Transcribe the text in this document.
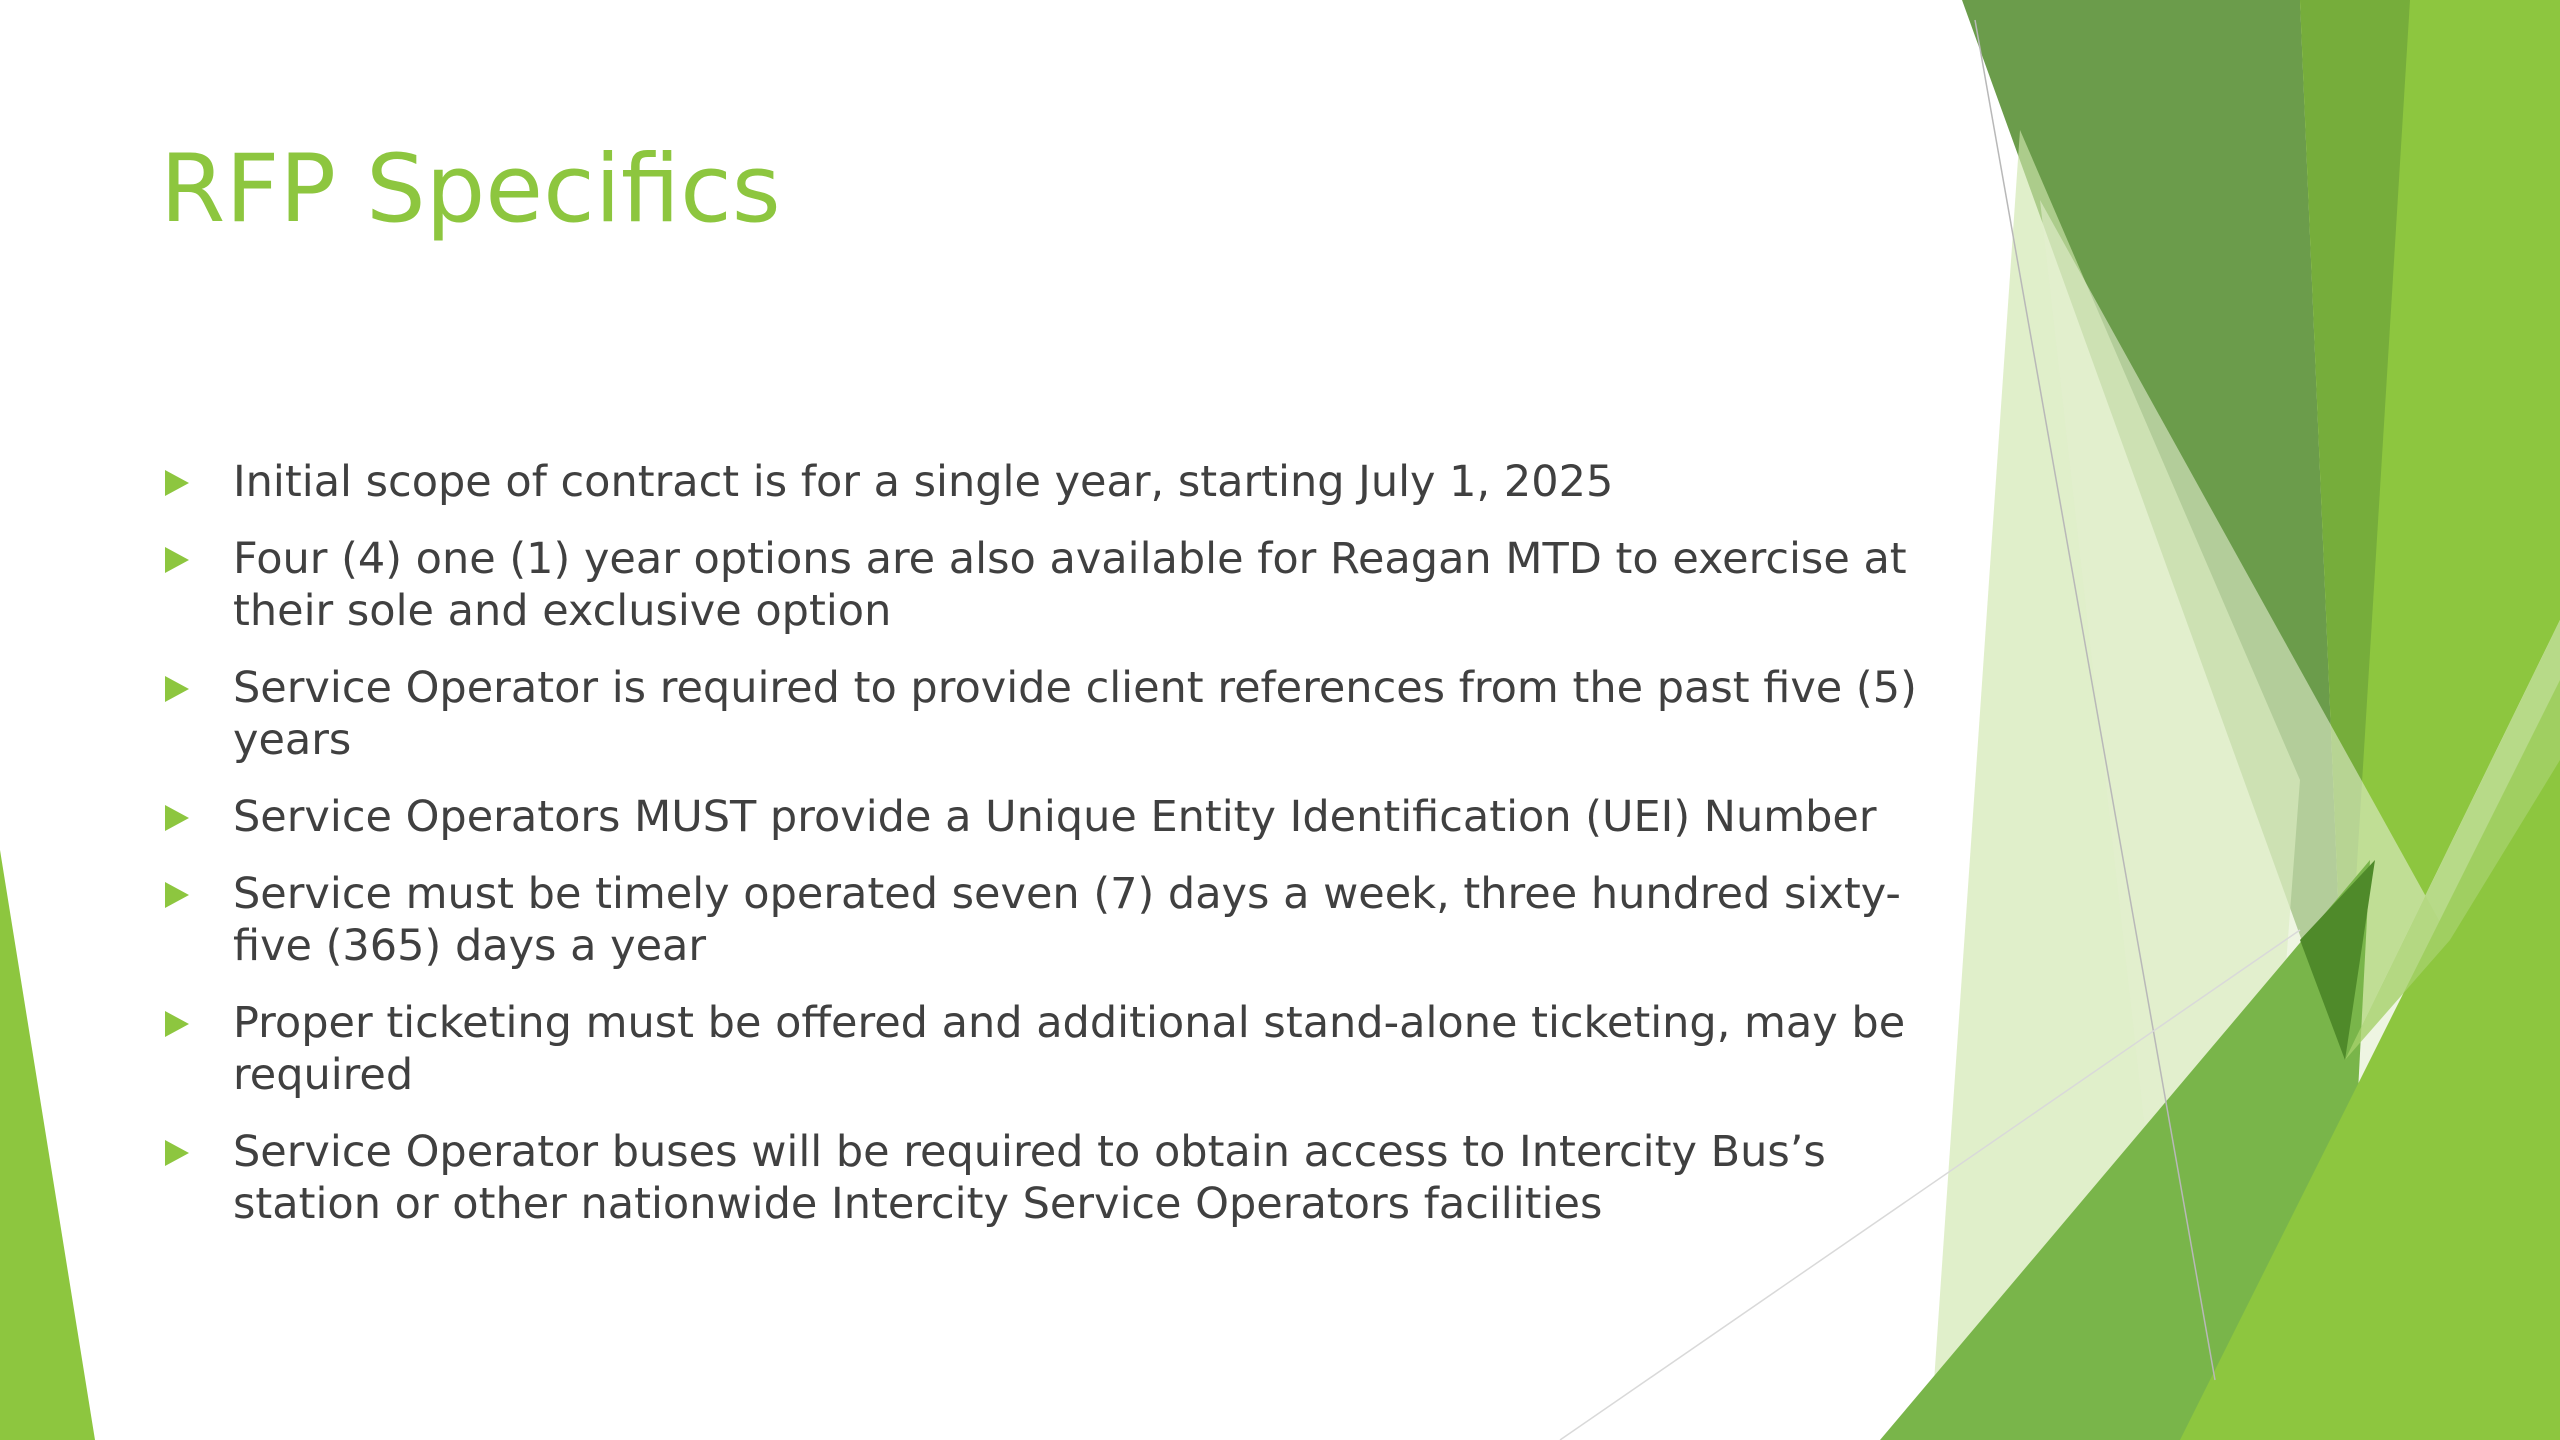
RFP Specifics
Initial scope of contract is for a single year, starting July 1, 2025
Four (4) one (1) year options are also available for Reagan MTD to exercise at their sole and exclusive option
Service Operator is required to provide client references from the past five (5) years
Service Operators MUST provide a Unique Entity Identification (UEI) Number
Service must be timely operated seven (7) days a week, three hundred sixty-five (365) days a year
Proper ticketing must be offered and additional stand-alone ticketing, may be required
Service Operator buses will be required to obtain access to Intercity Bus’s station or other nationwide Intercity Service Operators facilities
